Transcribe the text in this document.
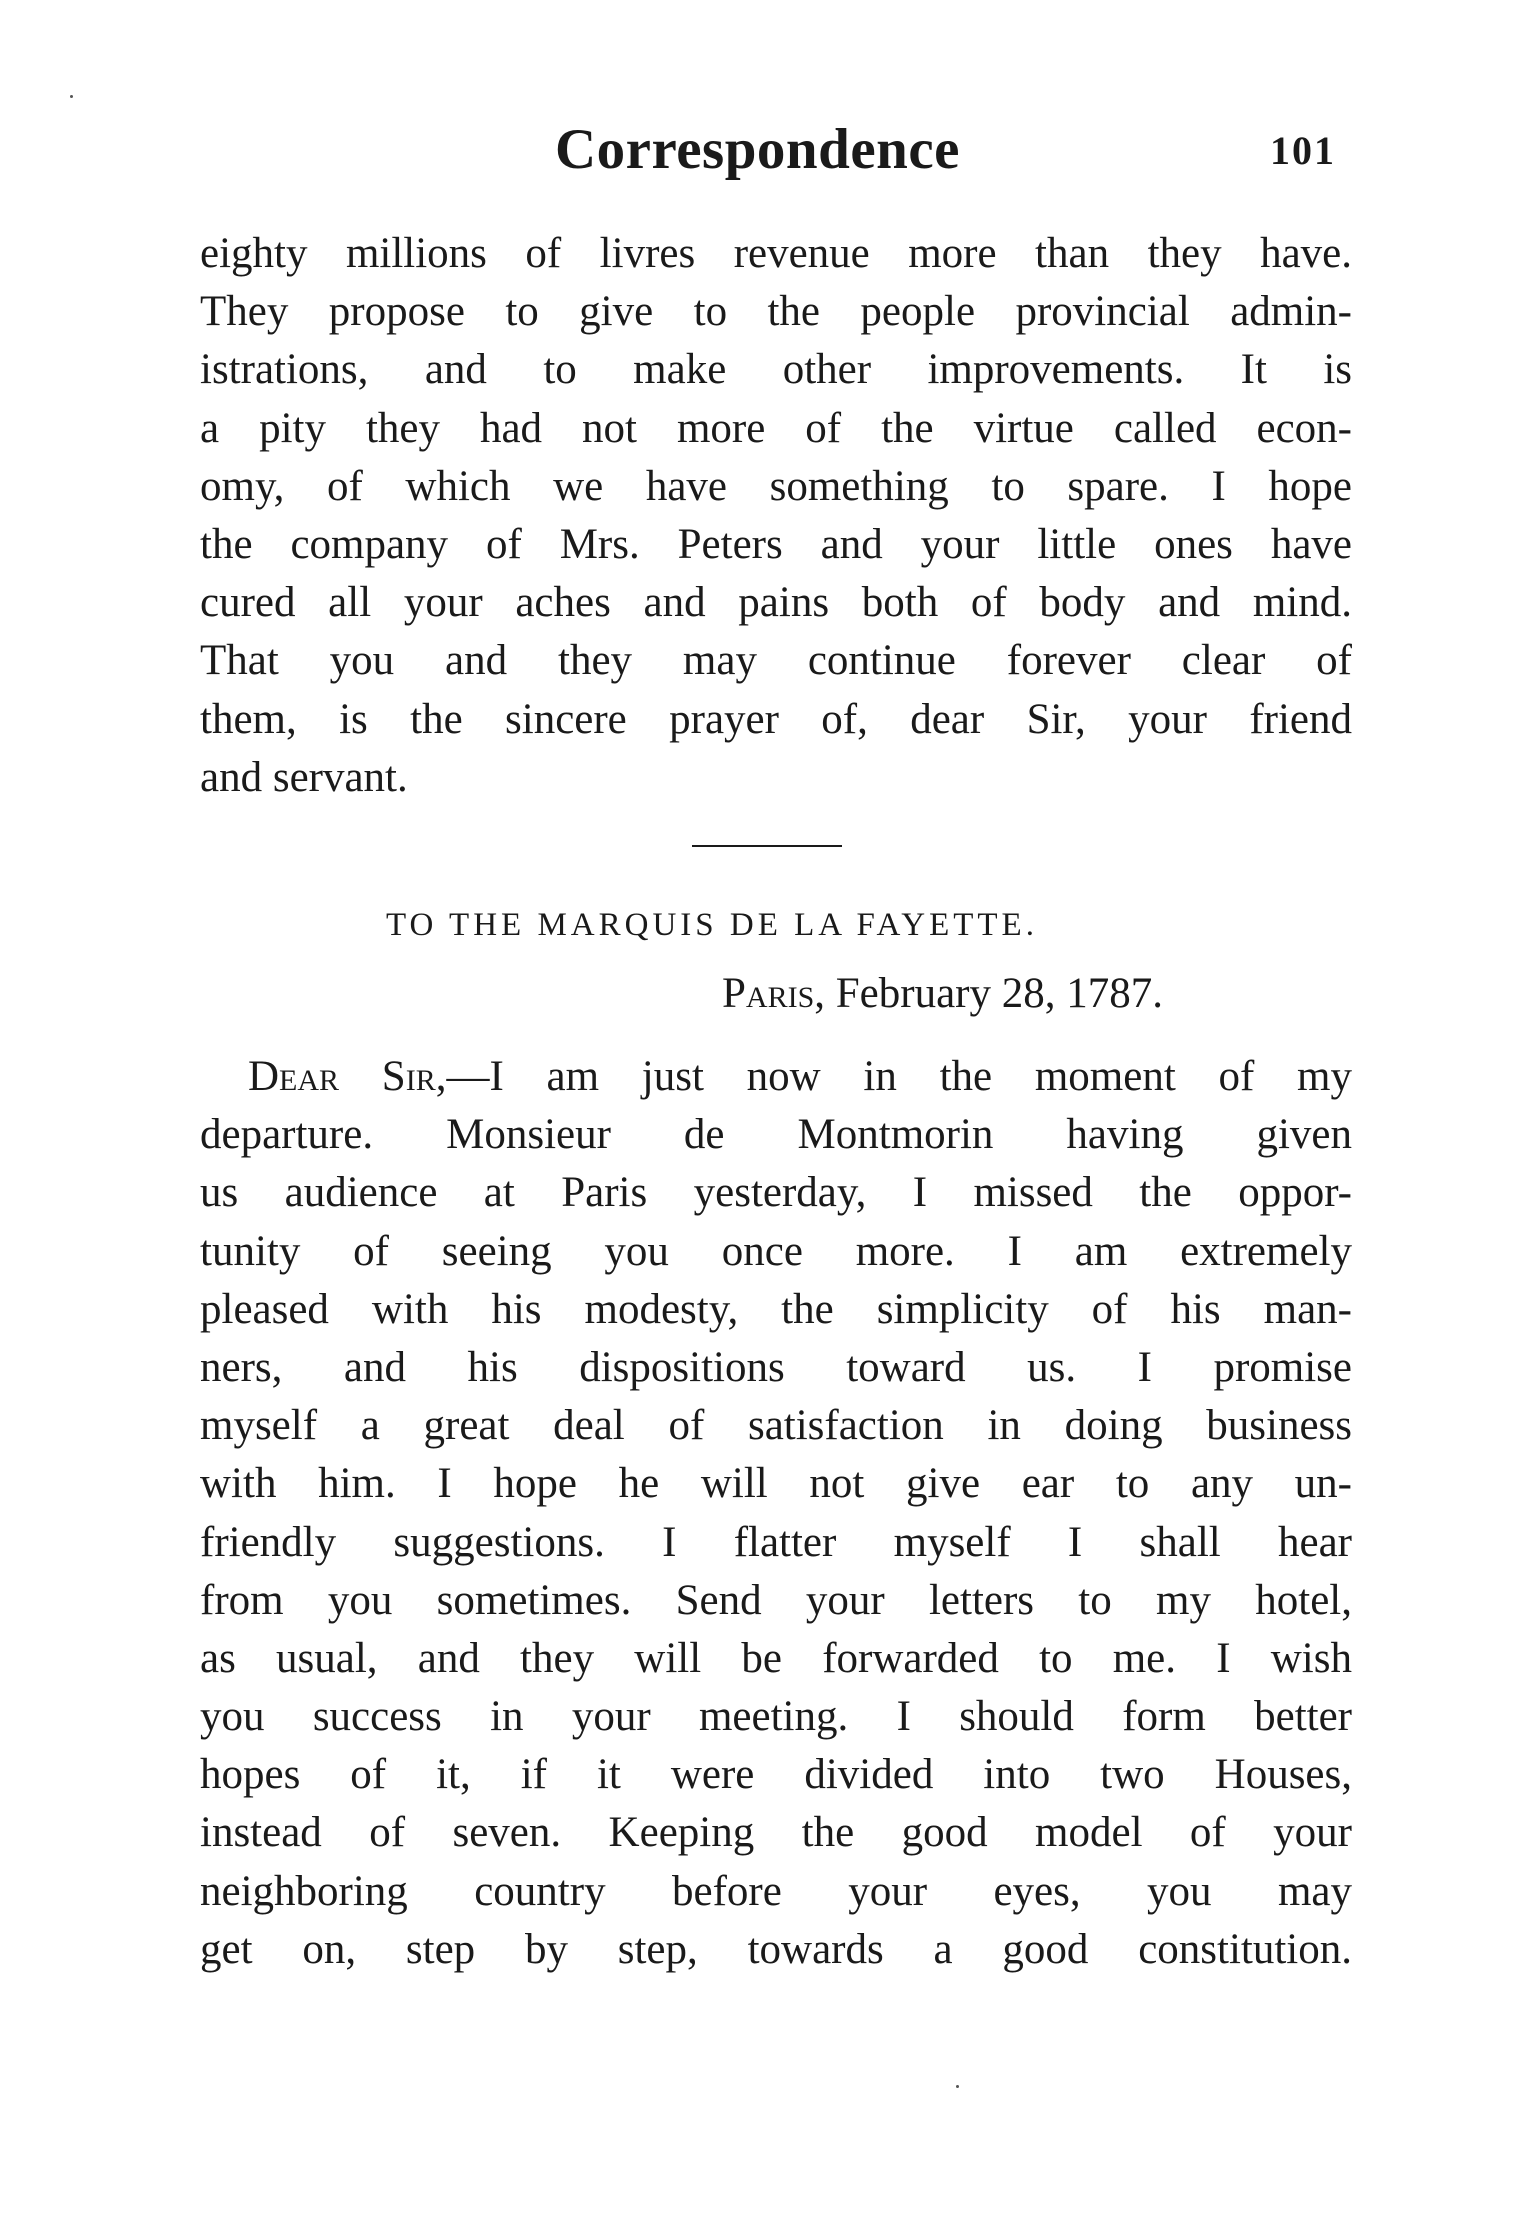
Correspondence	101
eighty millions of livres revenue more than they have.
They propose to give to the people provincial admin-
istrations, and to make other improvements. It is
a pity they had not more of the virtue called econ-
omy, of which we have something to spare. I hope
the company of Mrs. Peters and your little ones have
cured all your aches and pains both of body and mind.
That you and they may continue forever clear of
them, is the sincere prayer of, dear Sir, your friend
and servant.
TO THE MARQUIS DE LA FAYETTE.
Paris, February 28, 1787.
Dear Sir,—I am just now in the moment of my
departure. Monsieur de Montmorin having given
us audience at Paris yesterday, I missed the oppor-
tunity of seeing you once more. I am extremely
pleased with his modesty, the simplicity of his man-
ners, and his dispositions toward us. I promise
myself a great deal of satisfaction in doing business
with him. I hope he will not give ear to any un-
friendly suggestions. I flatter myself I shall hear
from you sometimes. Send your letters to my hotel,
as usual, and they will be forwarded to me. I wish
you success in your meeting. I should form better
hopes of it, if it were divided into two Houses,
instead of seven. Keeping the good model of your
neighboring country before your eyes, you may
get on, step by step, towards a good constitution.
